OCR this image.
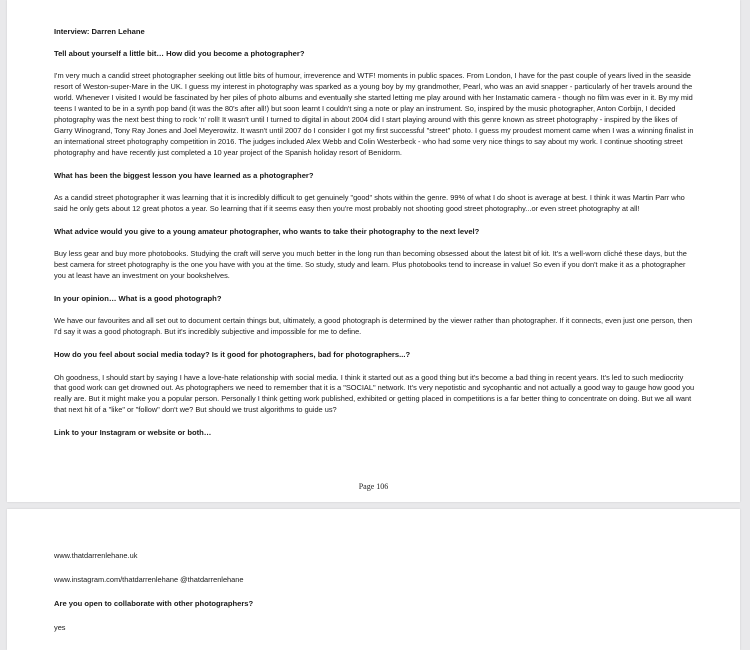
Interview: Darren Lehane

Tell about yourself a little bit… How did you become a photographer?

I'm very much a candid street photographer seeking out little bits of humour, irreverence and WTF! moments in public spaces. From London, I have for the past couple of years lived in the seaside resort of Weston-super-Mare in the UK. I guess my interest in photography was sparked as a young boy by my grandmother, Pearl, who was an avid snapper - particularly of her travels around the world. Whenever I visited I would be fascinated by her piles of photo albums and eventually she started letting me play around with her Instamatic camera - though no film was ever in it. By my mid teens I wanted to be in a synth pop band (it was the 80's after all!) but soon learnt I couldn't sing a note or play an instrument. So, inspired by the music photographer, Anton Corbijn, I decided photography was the next best thing to rock 'n' roll! It wasn't until I turned to digital in about 2004 did I start playing around with this genre known as street photography - inspired by the likes of Garry Winogrand, Tony Ray Jones and Joel Meyerowitz. It wasn't until 2007 do I consider I got my first successful "street" photo. I guess my proudest moment came when I was a winning finalist in an international street photography competition in 2016. The judges included Alex Webb and Colin Westerbeck - who had some very nice things to say about my work. I continue shooting street photography and have recently just completed a 10 year project of the Spanish holiday resort of Benidorm.

What has been the biggest lesson you have learned as a photographer?

As a candid street photographer it was learning that it is incredibly difficult to get genuinely "good" shots within the genre. 99% of what I do shoot is average at best. I think it was Martin Parr who said he only gets about 12 great photos a year. So learning that if it seems easy then you're most probably not shooting good street photography...or even street photography at all!

What advice would you give to a young amateur photographer, who wants to take their photography to the next level?

Buy less gear and buy more photobooks. Studying the craft will serve you much better in the long run than becoming obsessed about the latest bit of kit. It's a well-worn cliché these days, but the best camera for street photography is the one you have with you at the time. So study, study and learn. Plus photobooks tend to increase in value! So even if you don't make it as a photographer you at least have an investment on your bookshelves.

In your opinion… What is a good photograph?

We have our favourites and all set out to document certain things but, ultimately, a good photograph is determined by the viewer rather than photographer. If it connects, even just one person, then I'd say it was a good photograph. But it's incredibly subjective and impossible for me to define.

How do you feel about social media today? Is it good for photographers, bad for photographers...?

Oh goodness, I should start by saying I have a love-hate relationship with social media. I think it started out as a good thing but it's become a bad thing in recent years. It's led to such mediocrity that good work can get drowned out. As photographers we need to remember that it is a "SOCIAL" network. It's very nepotistic and sycophantic and not actually a good way to gauge how good you really are. But it might make you a popular person. Personally I think getting work published, exhibited or getting placed in competitions is a far better thing to concentrate on doing. But we all want that next hit of a "like" or "follow" don't we? But should we trust algorithms to guide us?

Link to your Instagram or website or both…

Page 106

www.thatdarrenlehane.uk

www.instagram.com/thatdarrenlehane @thatdarrenlehane

Are you open to collaborate with other photographers?

yes
